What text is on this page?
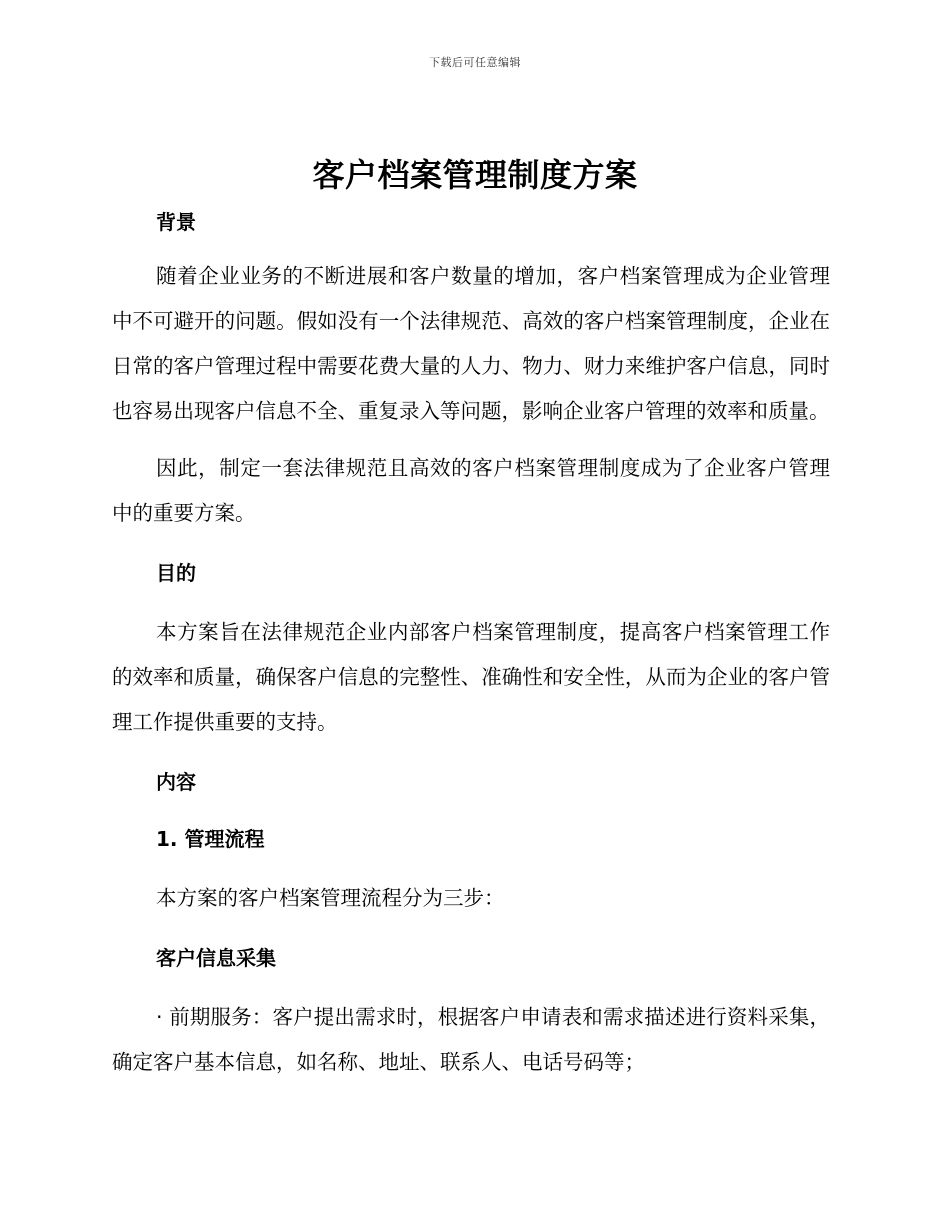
下载后可任意编辑
客户档案管理制度方案
背景

随着企业业务的不断进展和客户数量的增加，客户档案管理成为企业管理中不可避开的问题。假如没有一个法律规范、高效的客户档案管理制度，企业在日常的客户管理过程中需要花费大量的人力、物力、财力来维护客户信息，同时也容易出现客户信息不全、重复录入等问题，影响企业客户管理的效率和质量。

因此，制定一套法律规范且高效的客户档案管理制度成为了企业客户管理中的重要方案。

目的

本方案旨在法律规范企业内部客户档案管理制度，提高客户档案管理工作的效率和质量，确保客户信息的完整性、准确性和安全性，从而为企业的客户管理工作提供重要的支持。

内容
1. 管理流程

本方案的客户档案管理流程分为三步：

客户信息采集

· 前期服务：客户提出需求时，根据客户申请表和需求描述进行资料采集，确定客户基本信息，如名称、地址、联系人、电话号码等；
